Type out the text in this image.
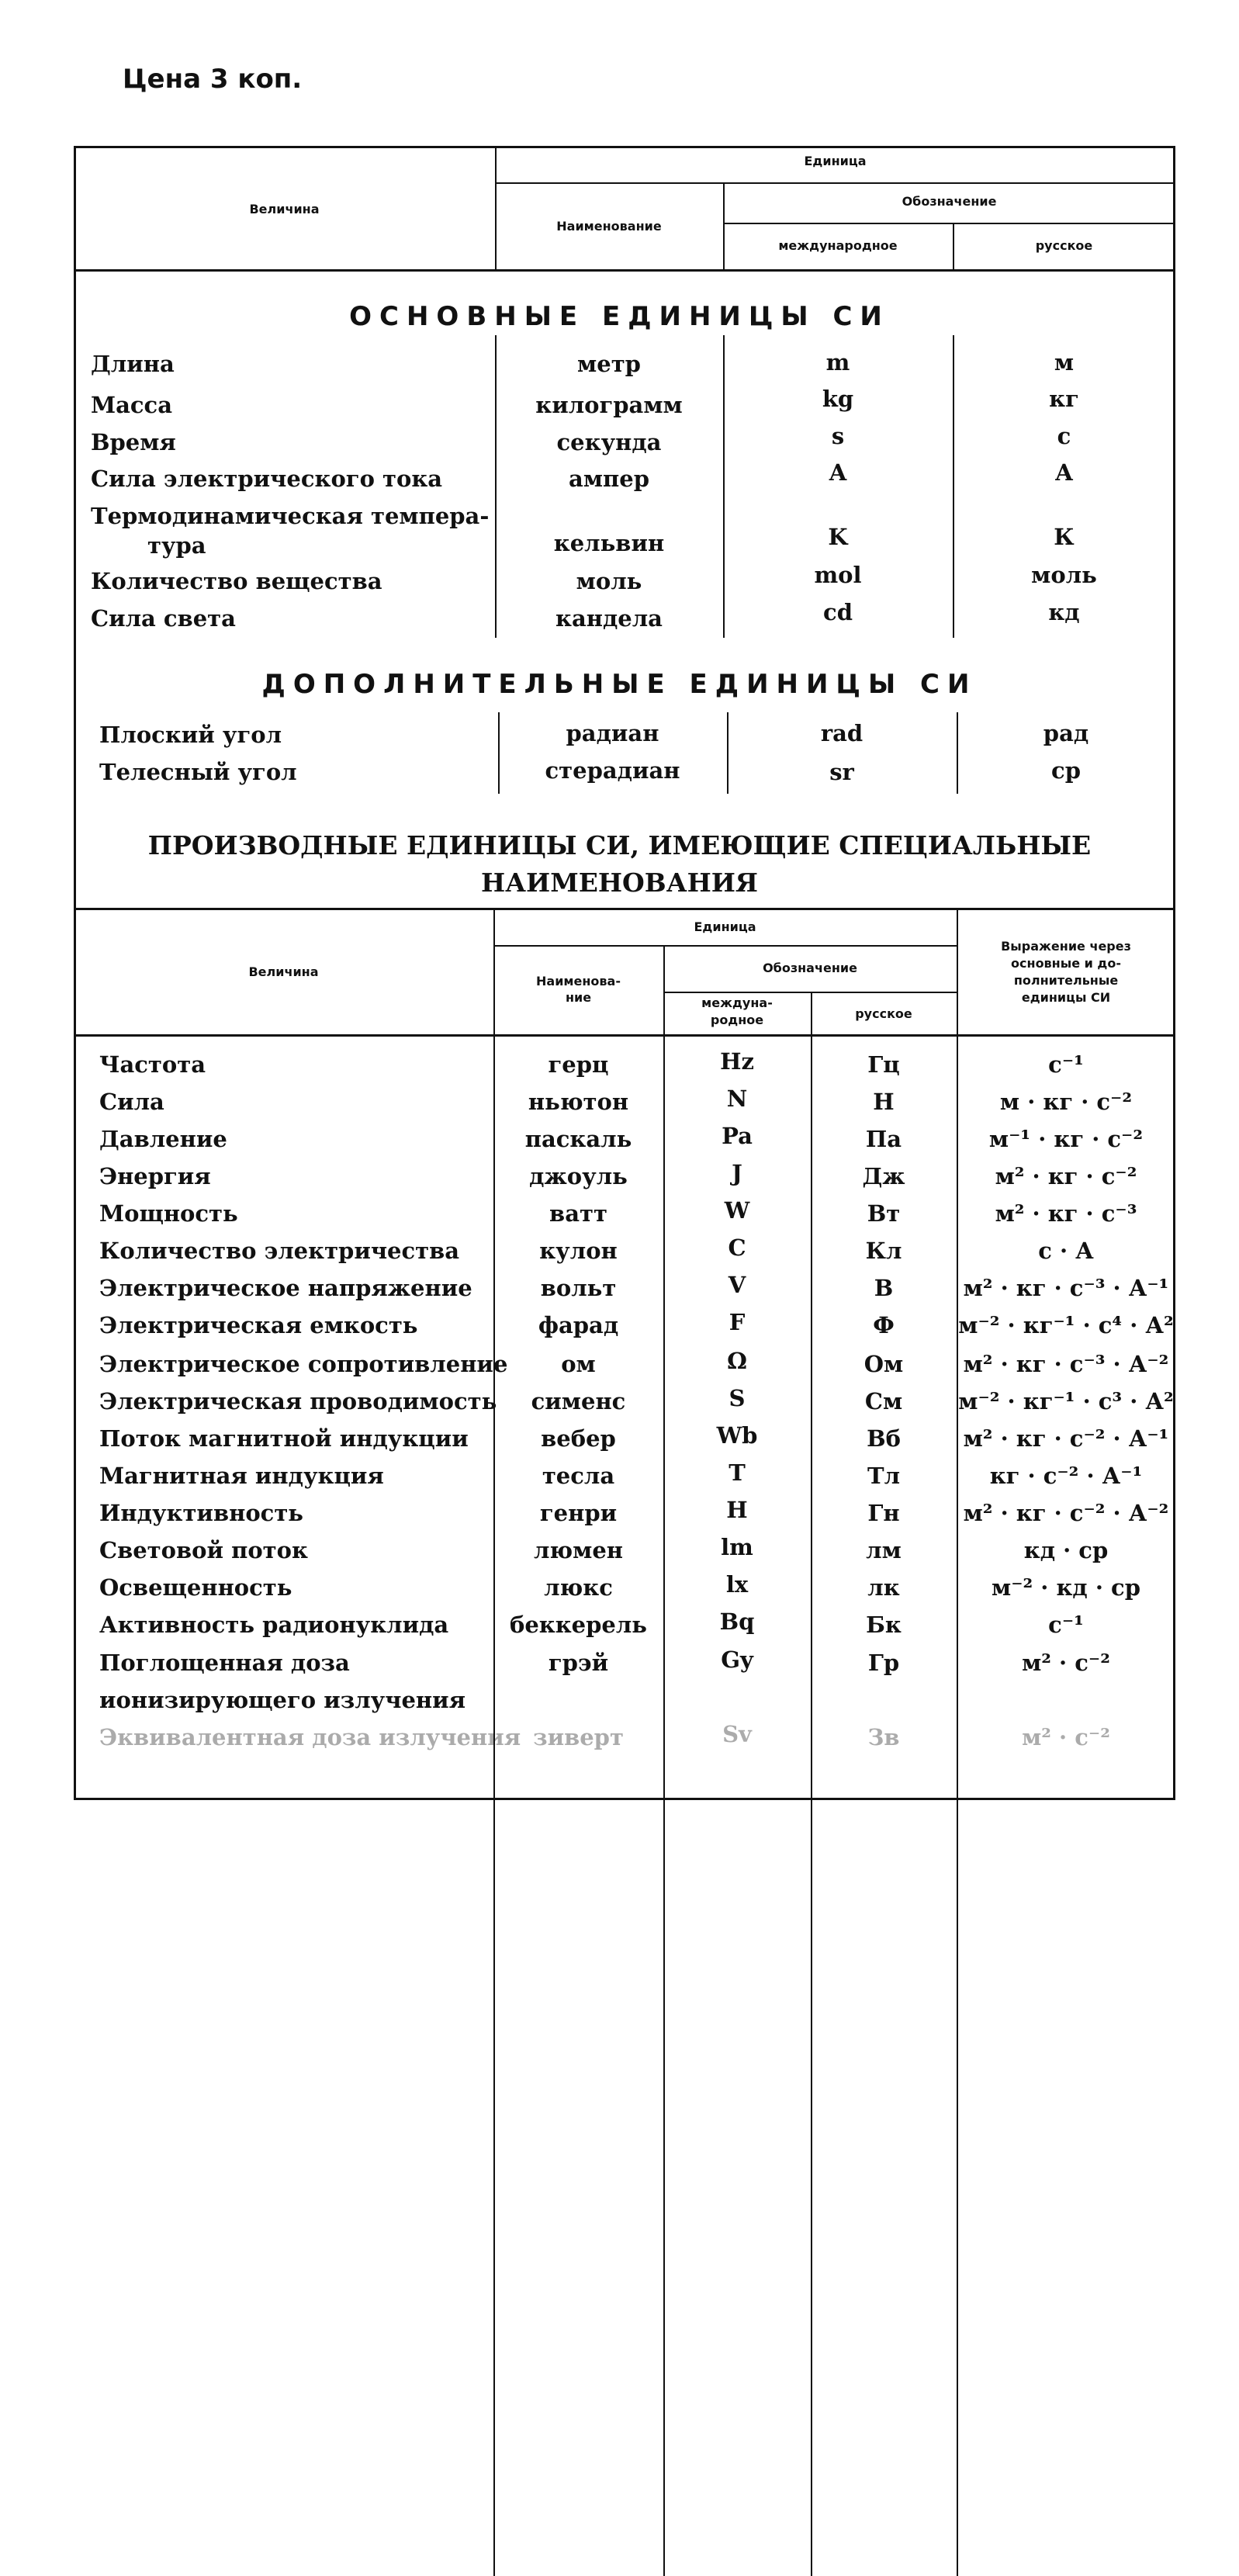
Цена 3 коп.
Величина
Единица
Наименование
Обозначение
международное	русское
ОСНОВНЫЕ ЕДИНИЦЫ СИ
Длина	метр	m	м
Масса	килограмм	kg	кг
Время	секунда	s	с
Сила электрического тока	ампер	A	A
Термодинамическая темпера-
тура	кельвин	K	К
Количество вещества	моль	mol	моль
Сила света	кандела	cd	кд
ДОПОЛНИТЕЛЬНЫЕ ЕДИНИЦЫ СИ
Плоский угол	радиан	rad	рад
Телесный угол	стерадиан	sr	ср
ПРОИЗВОДНЫЕ ЕДИНИЦЫ СИ, ИМЕЮЩИЕ СПЕЦИАЛЬНЫЕ
НАИМЕНОВАНИЯ
Величина
Единица
Наименова-
ние
Обозначение
междуна-
родное	русское
Выражение через
основные и до-
полнительные
единицы СИ
Частота	герц	Hz	Гц	с⁻¹
Сила	ньютон	N	Н	м · кг · с⁻²
Давление	паскаль	Pa	Па	м⁻¹ · кг · с⁻²
Энергия	джоуль	J	Дж	м² · кг · с⁻²
Мощность	ватт	W	Вт	м² · кг · с⁻³
Количество электричества	кулон	C	Кл	с · А
Электрическое напряжение	вольт	V	В	м² · кг · с⁻³ · А⁻¹
Электрическая емкость	фарад	F	Ф	м⁻² · кг⁻¹ · с⁴ · А²
Электрическое сопротивление	ом	Ω	Ом	м² · кг · с⁻³ · А⁻²
Электрическая проводимость	сименс	S	См	м⁻² · кг⁻¹ · с³ · А²
Поток магнитной индукции	вебер	Wb	Вб	м² · кг · с⁻² · А⁻¹
Магнитная индукция	тесла	T	Тл	кг · с⁻² · А⁻¹
Индуктивность	генри	H	Гн	м² · кг · с⁻² · А⁻²
Световой поток	люмен	lm	лм	кд · ср
Освещенность	люкс	lx	лк	м⁻² · кд · ср
Активность радионуклида	беккерель	Bq	Бк	с⁻¹
Поглощенная доза
ионизирующего излучения
грэй	Gy	Гр	м² · с⁻²
Эквивалентная доза излучения зиверт	Sv	Зв	м² · с⁻²
